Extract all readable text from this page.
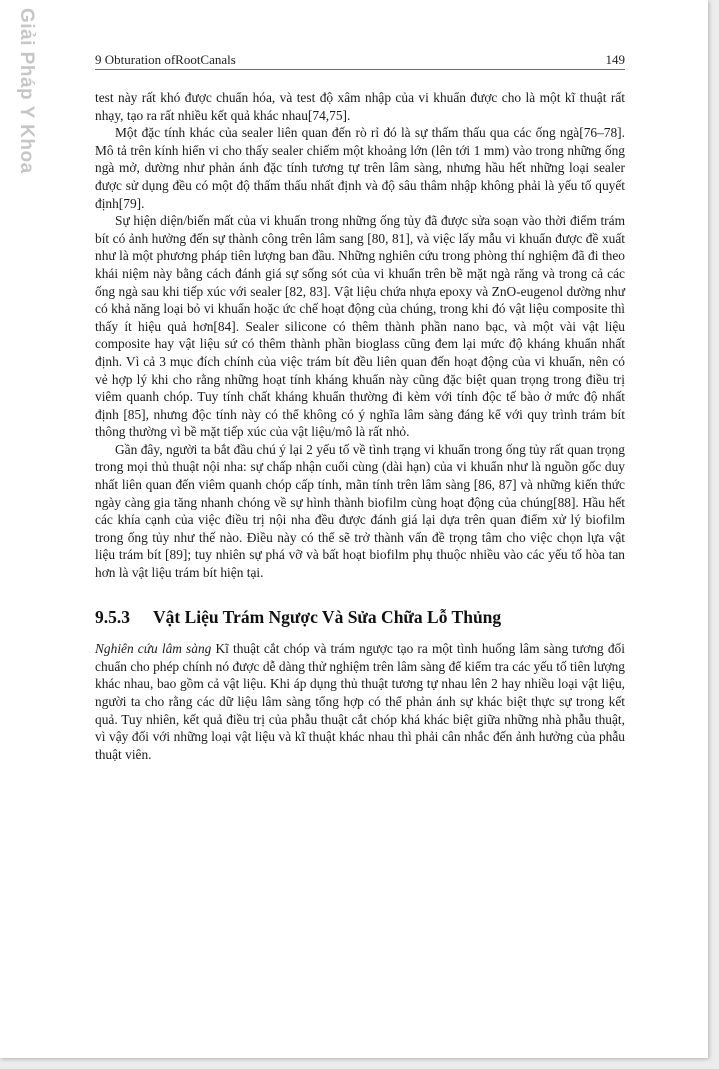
Giải Pháp Y Khoa	9 Obturation ofRootCanals	149

test này rất khó được chuẩn hóa, và test độ xâm nhập của vi khuẩn được cho là một kĩ thuật rất nhạy, tạo ra rất nhiều kết quả khác nhau[74,75].

Một đặc tính khác của sealer liên quan đến rò rỉ đó là sự thấm thấu qua các ống ngà[76–78]. Mô tả trên kính hiển vi cho thấy sealer chiếm một khoảng lớn (lên tới 1 mm) vào trong những ống ngà mở, dường như phản ánh đặc tính tương tự trên lâm sàng, nhưng hầu hết những loại sealer được sử dụng đều có một độ thấm thấu nhất định và độ sâu thâm nhập không phải là yếu tố quyết định[79].

Sự hiện diện/biến mất của vi khuẩn trong những ống tủy đã được sửa soạn vào thời điểm trám bít có ảnh hưởng đến sự thành công trên lâm sang [80, 81], và việc lấy mẫu vi khuẩn được đề xuất như là một phương pháp tiên lượng ban đầu. Những nghiên cứu trong phòng thí nghiệm đã đi theo khái niệm này bằng cách đánh giá sự sống sót của vi khuẩn trên bề mặt ngà răng và trong cả các ống ngà sau khi tiếp xúc với sealer [82, 83]. Vật liệu chứa nhựa epoxy và ZnO-eugenol dường như có khả năng loại bỏ vi khuẩn hoặc ức chế hoạt động của chúng, trong khi đó vật liệu composite thì thấy ít hiệu quả hơn[84]. Sealer silicone có thêm thành phần nano bạc, và một vài vật liệu composite hay vật liệu sứ có thêm thành phần bioglass cũng đem lại mức độ kháng khuẩn nhất định. Vì cả 3 mục đích chính của việc trám bít đều liên quan đến hoạt động của vi khuẩn, nên có vẻ hợp lý khi cho rằng những hoạt tính kháng khuẩn này cũng đặc biệt quan trọng trong điều trị viêm quanh chóp. Tuy tính chất kháng khuẩn thường đi kèm với tính độc tế bào ở mức độ nhất định [85], nhưng độc tính này có thể không có ý nghĩa lâm sàng đáng kể với quy trình trám bít thông thường vì bề mặt tiếp xúc của vật liệu/mô là rất nhỏ.

Gần đây, người ta bắt đầu chú ý lại 2 yếu tố về tình trạng vi khuẩn trong ống tủy rất quan trọng trong mọi thủ thuật nội nha: sự chấp nhận cuối cùng (dài hạn) của vi khuẩn như là nguồn gốc duy nhất liên quan đến viêm quanh chóp cấp tính, mãn tính trên lâm sàng [86, 87] và những kiến thức ngày càng gia tăng nhanh chóng về sự hình thành biofilm cùng hoạt động của chúng[88]. Hầu hết các khía cạnh của việc điều trị nội nha đều được đánh giá lại dựa trên quan điểm xử lý biofilm trong ống tủy như thế nào. Điều này có thể sẽ trở thành vấn đề trọng tâm cho việc chọn lựa vật liệu trám bít [89]; tuy nhiên sự phá vỡ và bất hoạt biofilm phụ thuộc nhiều vào các yếu tố hòa tan hơn là vật liệu trám bít hiện tại.

9.5.3 Vật Liệu Trám Ngược Và Sửa Chữa Lỗ Thủng

Nghiên cứu lâm sàng Kĩ thuật cắt chóp và trám ngược tạo ra một tình huống lâm sàng tương đối chuẩn cho phép chính nó được dễ dàng thử nghiệm trên lâm sàng để kiểm tra các yếu tố tiên lượng khác nhau, bao gồm cả vật liệu. Khi áp dụng thủ thuật tương tự nhau lên 2 hay nhiều loại vật liệu, người ta cho rằng các dữ liệu lâm sàng tổng hợp có thể phản ánh sự khác biệt thực sự trong kết quả. Tuy nhiên, kết quả điều trị của phẫu thuật cắt chóp khá khác biệt giữa những nhà phẫu thuật, vì vậy đối với những loại vật liệu và kĩ thuật khác nhau thì phải cân nhắc đến ảnh hưởng của phẫu thuật viên.
